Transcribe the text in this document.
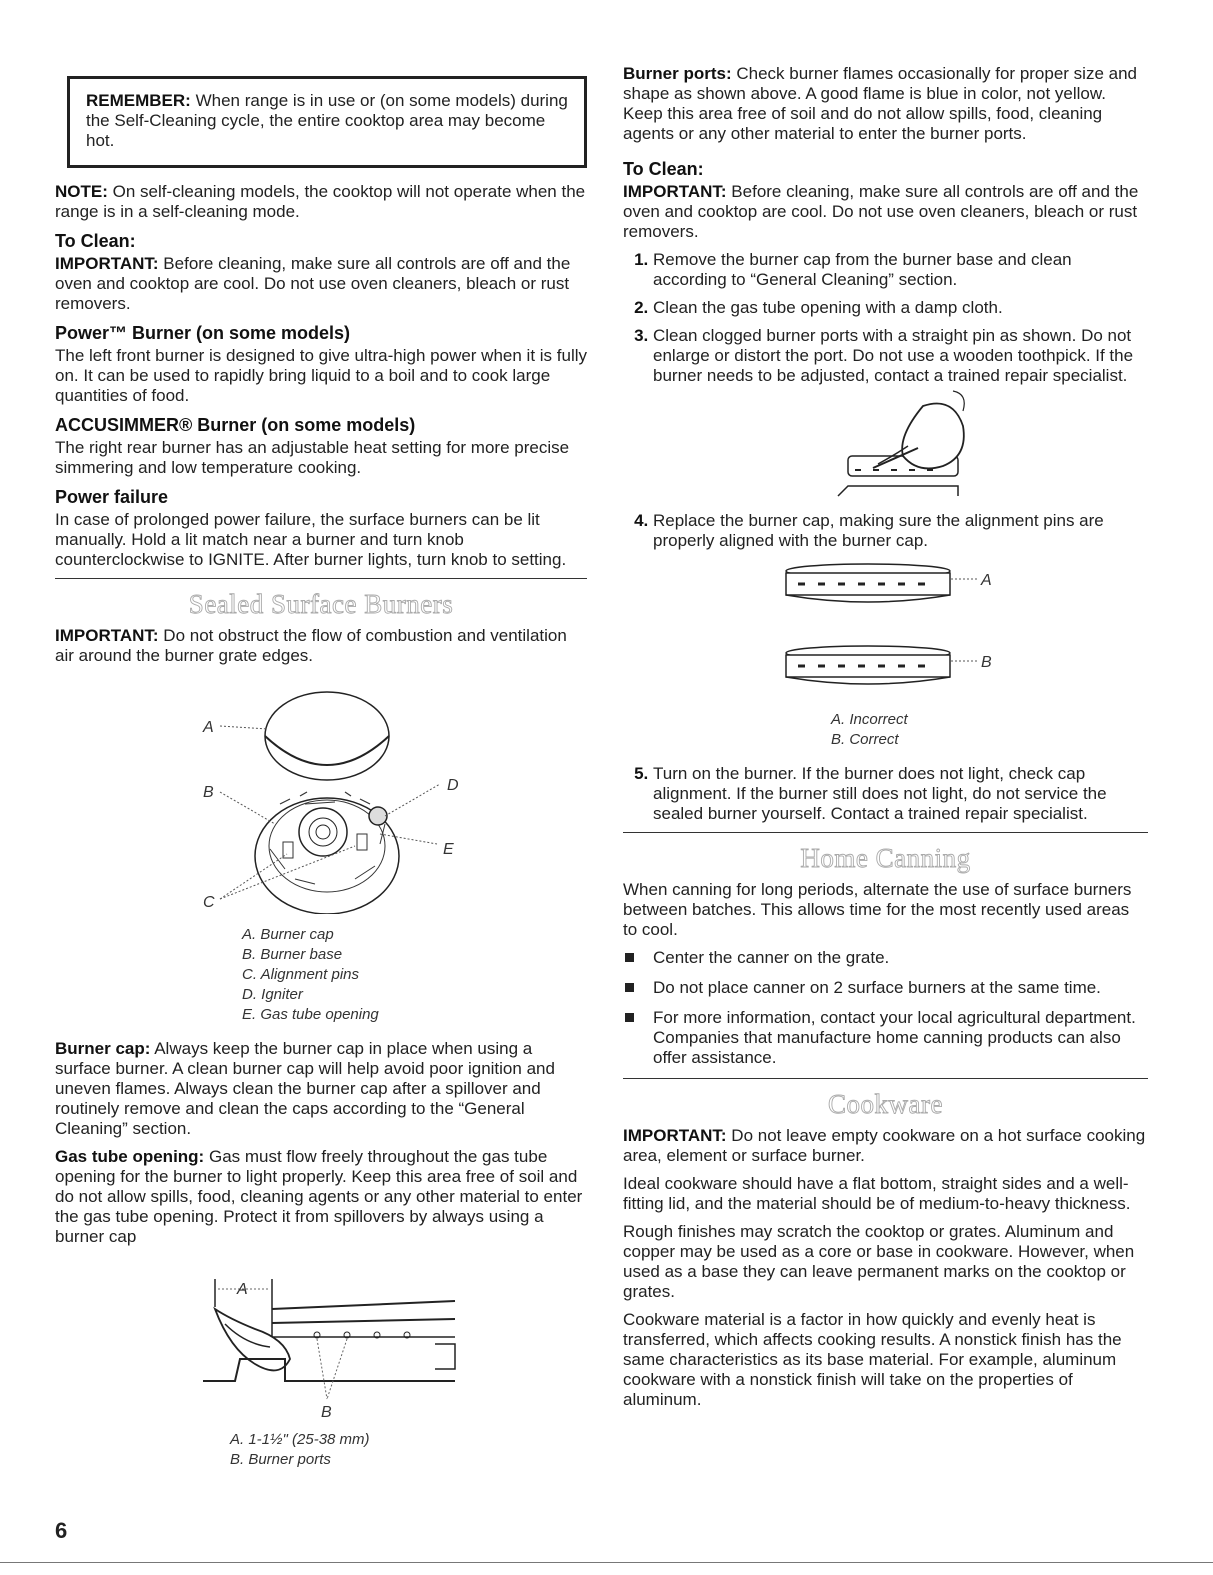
REMEMBER: When range is in use or (on some models) during the Self-Cleaning cycle, the entire cooktop area may become hot.

NOTE: On self-cleaning models, the cooktop will not operate when the range is in a self-cleaning mode.

To Clean:

IMPORTANT: Before cleaning, make sure all controls are off and the oven and cooktop are cool. Do not use oven cleaners, bleach or rust removers.

Power™ Burner (on some models)

The left front burner is designed to give ultra-high power when it is fully on. It can be used to rapidly bring liquid to a boil and to cook large quantities of food.

ACCUSIMMER® Burner (on some models)

The right rear burner has an adjustable heat setting for more precise simmering and low temperature cooking.

Power failure

In case of prolonged power failure, the surface burners can be lit manually. Hold a lit match near a burner and turn knob counterclockwise to IGNITE. After burner lights, turn knob to setting.

Sealed Surface Burners

IMPORTANT: Do not obstruct the flow of combustion and ventilation air around the burner grate edges.

A
B	D
E
C
A. Burner cap
B. Burner base
C. Alignment pins
D. Igniter
E. Gas tube opening

Burner cap: Always keep the burner cap in place when using a surface burner. A clean burner cap will help avoid poor ignition and uneven flames. Always clean the burner cap after a spillover and routinely remove and clean the caps according to the “General Cleaning” section.

Gas tube opening: Gas must flow freely throughout the gas tube opening for the burner to light properly. Keep this area free of soil and do not allow spills, food, cleaning agents or any other material to enter the gas tube opening. Protect it from spillovers by always using a burner cap

A
B
A. 1-1½" (25-38 mm)
B. Burner ports

Burner ports: Check burner flames occasionally for proper size and shape as shown above. A good flame is blue in color, not yellow. Keep this area free of soil and do not allow spills, food, cleaning agents or any other material to enter the burner ports.

To Clean:

IMPORTANT: Before cleaning, make sure all controls are off and the oven and cooktop are cool. Do not use oven cleaners, bleach or rust removers.

1. Remove the burner cap from the burner base and clean according to “General Cleaning” section.
2. Clean the gas tube opening with a damp cloth.
3. Clean clogged burner ports with a straight pin as shown. Do not enlarge or distort the port. Do not use a wooden toothpick. If the burner needs to be adjusted, contact a trained repair specialist.
4. Replace the burner cap, making sure the alignment pins are properly aligned with the burner cap.
A
B
A. Incorrect
B. Correct
5. Turn on the burner. If the burner does not light, check cap alignment. If the burner still does not light, do not service the sealed burner yourself. Contact a trained repair specialist.
Home Canning

When canning for long periods, alternate the use of surface burners between batches. This allows time for the most recently used areas to cool.

Center the canner on the grate.
Do not place canner on 2 surface burners at the same time.
For more information, contact your local agricultural department. Companies that manufacture home canning products can also offer assistance.
Cookware

IMPORTANT: Do not leave empty cookware on a hot surface cooking area, element or surface burner.

Ideal cookware should have a flat bottom, straight sides and a well-fitting lid, and the material should be of medium-to-heavy thickness.

Rough finishes may scratch the cooktop or grates. Aluminum and copper may be used as a core or base in cookware. However, when used as a base they can leave permanent marks on the cooktop or grates.

Cookware material is a factor in how quickly and evenly heat is transferred, which affects cooking results. A nonstick finish has the same characteristics as its base material. For example, aluminum cookware with a nonstick finish will take on the properties of aluminum.

6
